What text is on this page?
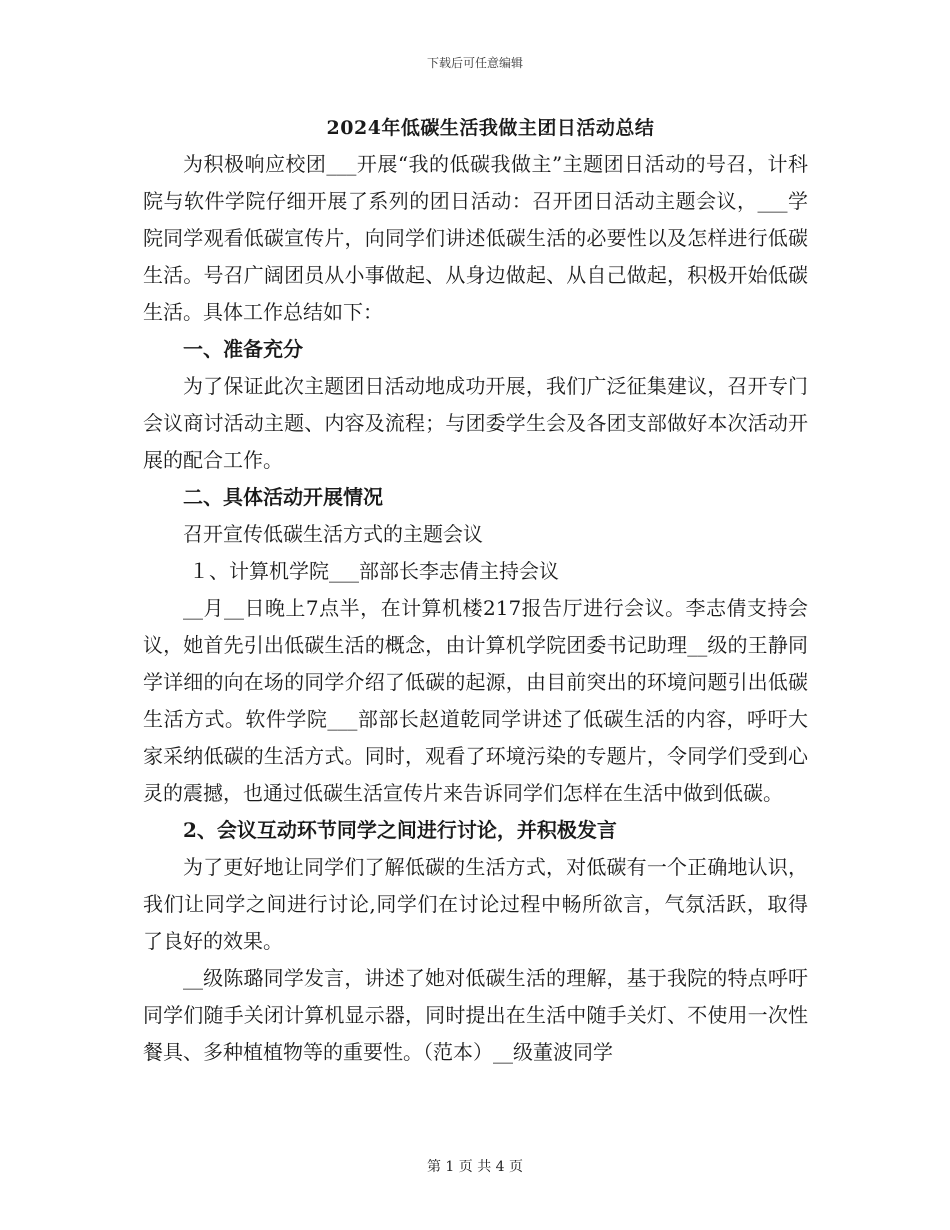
下载后可任意编辑
2024年低碳生活我做主团日活动总结

为积极响应校团___开展“我的低碳我做主”主题团日活动的号召，计科院与软件学院仔细开展了系列的团日活动：召开团日活动主题会议，___学院同学观看低碳宣传片，向同学们讲述低碳生活的必要性以及怎样进行低碳生活。号召广阔团员从小事做起、从身边做起、从自己做起，积极开始低碳生活。具体工作总结如下：

一、准备充分

为了保证此次主题团日活动地成功开展，我们广泛征集建议，召开专门会议商讨活动主题、内容及流程；与团委学生会及各团支部做好本次活动开展的配合工作。

二、具体活动开展情况

召开宣传低碳生活方式的主题会议

１、计算机学院___部部长李志倩主持会议

__月__日晚上7点半，在计算机楼217报告厅进行会议。李志倩支持会议，她首先引出低碳生活的概念，由计算机学院团委书记助理__级的王静同学详细的向在场的同学介绍了低碳的起源，由目前突出的环境问题引出低碳生活方式。软件学院___部部长赵道乾同学讲述了低碳生活的内容，呼吁大家采纳低碳的生活方式。同时，观看了环境污染的专题片，令同学们受到心灵的震撼，也通过低碳生活宣传片来告诉同学们怎样在生活中做到低碳。

2、会议互动环节同学之间进行讨论，并积极发言

为了更好地让同学们了解低碳的生活方式，对低碳有一个正确地认识，我们让同学之间进行讨论,同学们在讨论过程中畅所欲言，气氛活跃，取得了良好的效果。

__级陈璐同学发言，讲述了她对低碳生活的理解，基于我院的特点呼吁同学们随手关闭计算机显示器，同时提出在生活中随手关灯、不使用一次性餐具、多种植植物等的重要性。（范本）__级董波同学

第 1 页 共 4 页
